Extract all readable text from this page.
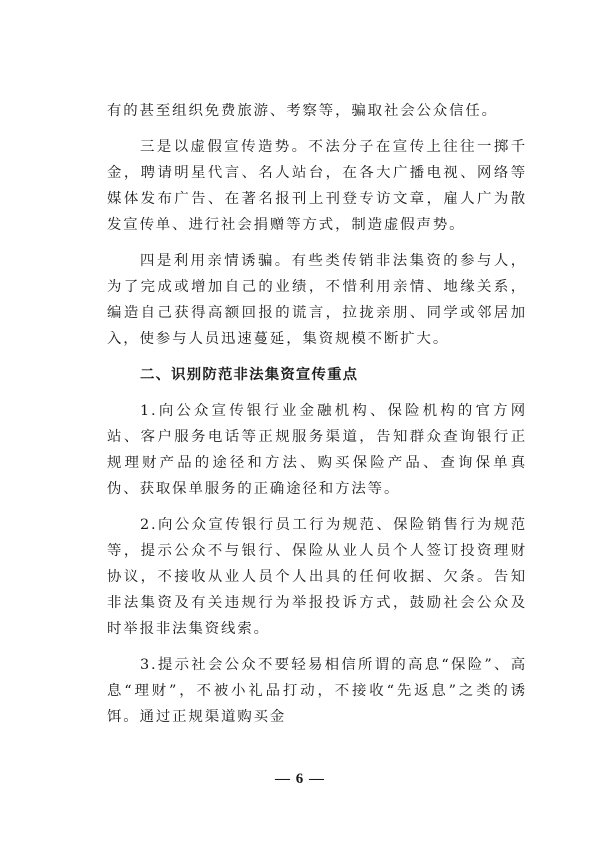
有的甚至组织免费旅游、考察等，骗取社会公众信任。

三是以虚假宣传造势。不法分子在宣传上往往一掷千金，聘请明星代言、名人站台，在各大广播电视、网络等媒体发布广告、在著名报刊上刊登专访文章，雇人广为散发宣传单、进行社会捐赠等方式，制造虚假声势。

四是利用亲情诱骗。有些类传销非法集资的参与人，为了完成或增加自己的业绩，不惜利用亲情、地缘关系，编造自己获得高额回报的谎言，拉拢亲朋、同学或邻居加入，使参与人员迅速蔓延，集资规模不断扩大。

二、识别防范非法集资宣传重点

1.向公众宣传银行业金融机构、保险机构的官方网站、客户服务电话等正规服务渠道，告知群众查询银行正规理财产品的途径和方法、购买保险产品、查询保单真伪、获取保单服务的正确途径和方法等。

2.向公众宣传银行员工行为规范、保险销售行为规范等，提示公众不与银行、保险从业人员个人签订投资理财协议，不接收从业人员个人出具的任何收据、欠条。告知非法集资及有关违规行为举报投诉方式，鼓励社会公众及时举报非法集资线索。

3.提示社会公众不要轻易相信所谓的高息“保险”、高息“理财”，不被小礼品打动，不接收“先返息”之类的诱饵。通过正规渠道购买金

— 6 —
